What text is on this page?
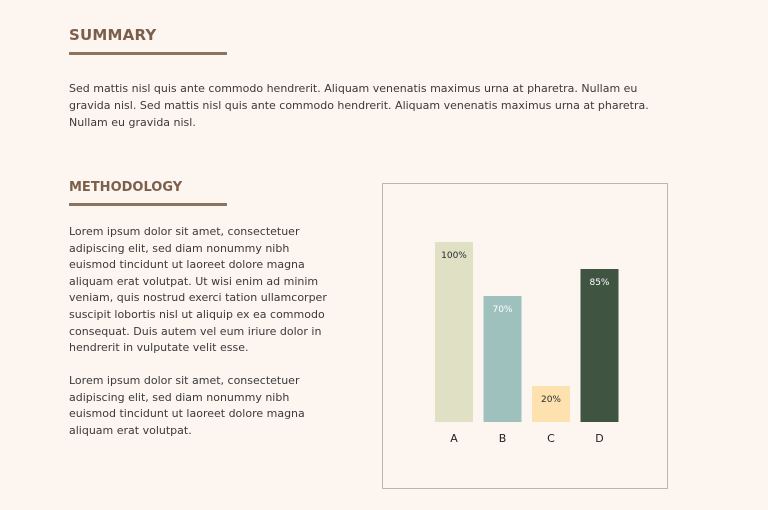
SUMMARY

Sed mattis nisl quis ante commodo hendrerit. Aliquam venenatis maximus urna at pharetra. Nullam eu gravida nisl. Sed mattis nisl quis ante commodo hendrerit. Aliquam venenatis maximus urna at pharetra. Nullam eu gravida nisl.

METHODOLOGY

Lorem ipsum dolor sit amet, consectetuer adipiscing elit, sed diam nonummy nibh euismod tincidunt ut laoreet dolore magna aliquam erat volutpat. Ut wisi enim ad minim veniam, quis nostrud exerci tation ullamcorper suscipit lobortis nisl ut aliquip ex ea commodo consequat. Duis autem vel eum iriure dolor in hendrerit in vulputate velit esse.

Lorem ipsum dolor sit amet, consectetuer adipiscing elit, sed diam nonummy nibh euismod tincidunt ut laoreet dolore magna aliquam erat volutpat.

100%
A
70%
B
20%
C
85%
D
